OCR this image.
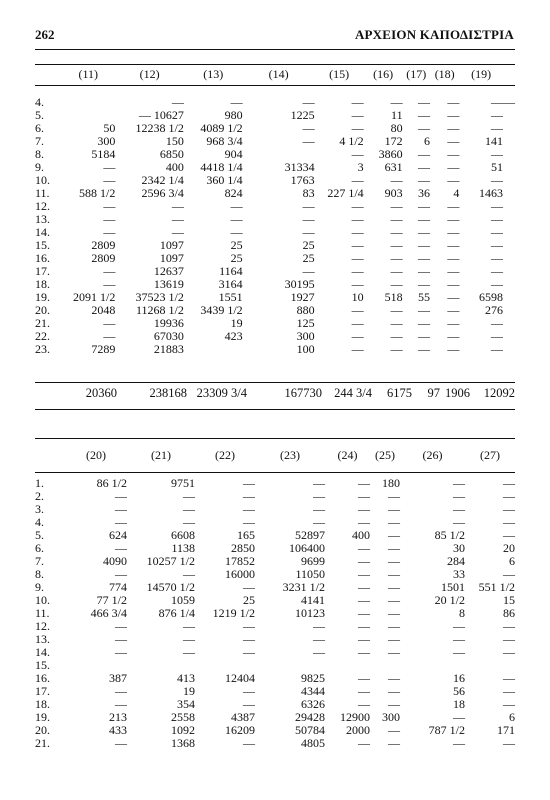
262	ΑΡΧΕΙΟΝ ΚΑΠΟΔΙΣΤΡΙΑ
	(11)	(12)	(13)	(14)	(15)	(16)	(17)	(18)	(19)	

4.		—	—	—	—	—	—	—	—	—
5.		— 10627	980	1225	—	11	—	—	—	
6.	50	12238 1/2	4089 1/2	—	—	80	—	—	—	
7.	300	150	968 3/4	—	4 1/2	172	6	—	141	
8.	5184	6850	904		—	3860	—	—	—	
9.	—	400	4418 1/4	31334	3	631	—	—	51	
10.	—	2342 1/4	360 1/4	1763	—	—	—	—	—	
11.	588 1/2	2596 3/4	824	83	227 1/4	903	36	4	1463	
12.	—	—	—	—	—	—	—	—	—	
13.	—	—	—	—	—	—	—	—	—	
14.	—	—	—	—	—	—	—	—	—	
15.	2809	1097	25	25	—	—	—	—	—	
16.	2809	1097	25	25	—	—	—	—	—	
17.	—	12637	1164	—	—	—	—	—	—	
18.	—	13619	3164	30195	—	—	—	—	—	
19.	2091 1/2	37523 1/2	1551	1927	10	518	55	—	6598	
20.	2048	11268 1/2	3439 1/2	880	—	—	—	—	276	
21.	—	19936	19	125	—	—	—	—	—	
22.	—	67030	423	300	—	—	—	—	—	
23.	7289	21883		100	—	—	—	—	—	
	20360	238168	23309 3/4	167730	244 3/4	6175	97	1906	12092
	(20)	(21)	(22)	(23)	(24)	(25)	(26)	(27)

1.	86 1/2	9751	—	—	—	180	—	—
2.	—	—	—	—	—	—	—	—
3.	—	—	—	—	—	—	—	—
4.	—	—	—	—	—	—	—	—
5.	624	6608	165	52897	400	—	85 1/2	—
6.	—	1138	2850	106400	—	—	30	20
7.	4090	10257 1/2	17852	9699	—	—	284	6
8.	—	—	16000	11050	—	—	33	—
9.	774	14570 1/2	—	3231 1/2	—	—	1501	551 1/2
10.	77 1/2	1059	25	4141	—	—	20 1/2	15
11.	466 3/4	876 1/4	1219 1/2	10123	—	—	8	86
12.	—	—	—	—	—	—	—	—
13.	—	—	—	—	—	—	—	—
14.	—	—	—	—	—	—	—	—
15.								
16.	387	413	12404	9825	—	—	16	—
17.	—	19	—	4344	—	—	56	—
18.	—	354	—	6326	—	—	18	—
19.	213	2558	4387	29428	12900	300	—	6
20.	433	1092	16209	50784	2000	—	787 1/2	171
21.	—	1368	—	4805	—	—	—	—
